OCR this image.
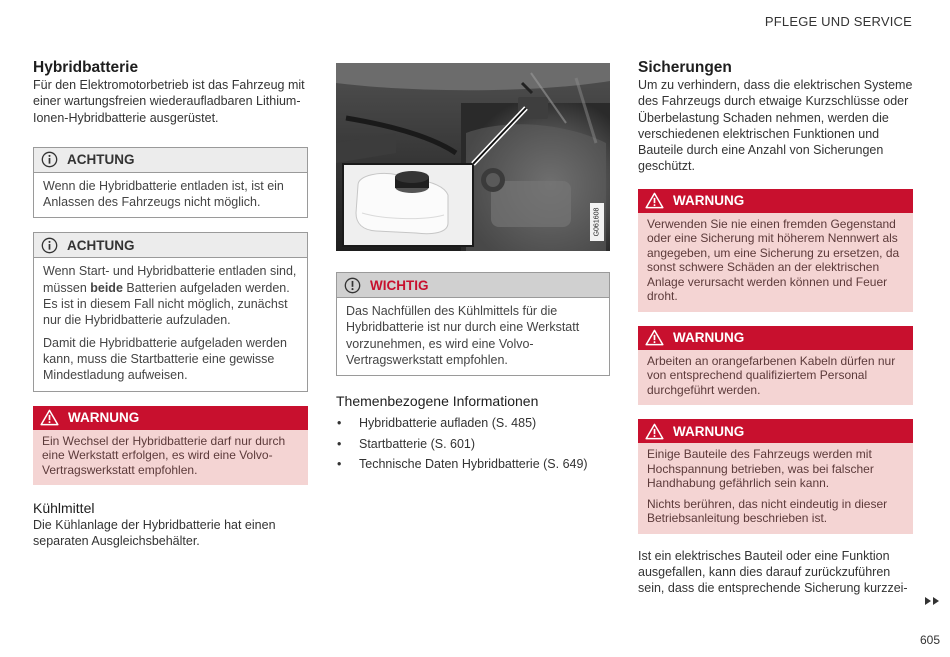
PFLEGE UND SERVICE
Hybridbatterie

Für den Elektromotorbetrieb ist das Fahrzeug mit einer wartungsfreien wiederaufladbaren Lithium-Ionen-Hybridbatterie ausgerüstet.

ACHTUNG

Wenn die Hybridbatterie entladen ist, ist ein Anlassen des Fahrzeugs nicht möglich.

ACHTUNG

Wenn Start- und Hybridbatterie entladen sind, müssen beide Batterien aufgeladen werden. Es ist in diesem Fall nicht möglich, zunächst nur die Hybridbatterie aufzuladen.

Damit die Hybridbatterie aufgeladen werden kann, muss die Startbatterie eine gewisse Mindestladung aufweisen.

WARNUNG

Ein Wechsel der Hybridbatterie darf nur durch eine Werkstatt erfolgen, es wird eine Volvo-Vertragswerkstatt empfohlen.

Kühlmittel

Die Kühlanlage der Hybridbatterie hat einen separaten Ausgleichsbehälter.

G061608
WICHTIG

Das Nachfüllen des Kühlmittels für die Hybridbatterie ist nur durch eine Werkstatt vorzunehmen, es wird eine Volvo-Vertragswerkstatt empfohlen.

Themenbezogene Informationen
• Hybridbatterie aufladen (S. 485)
• Startbatterie (S. 601)
• Technische Daten Hybridbatterie (S. 649)
Sicherungen

Um zu verhindern, dass die elektrischen Systeme des Fahrzeugs durch etwaige Kurzschlüsse oder Überbelastung Schaden nehmen, werden die verschiedenen elektrischen Funktionen und Bauteile durch eine Anzahl von Sicherungen geschützt.

WARNUNG

Verwenden Sie nie einen fremden Gegenstand oder eine Sicherung mit höherem Nennwert als angegeben, um eine Sicherung zu ersetzen, da sonst schwere Schäden an der elektrischen Anlage verursacht werden können und Feuer droht.

WARNUNG

Arbeiten an orangefarbenen Kabeln dürfen nur von entsprechend qualifiziertem Personal durchgeführt werden.

WARNUNG

Einige Bauteile des Fahrzeugs werden mit Hochspannung betrieben, was bei falscher Handhabung gefährlich sein kann.

Nichts berühren, das nicht eindeutig in dieser Betriebsanleitung beschrieben ist.

Ist ein elektrisches Bauteil oder eine Funktion ausgefallen, kann dies darauf zurückzuführen sein, dass die entsprechende Sicherung kurzzei-

605
